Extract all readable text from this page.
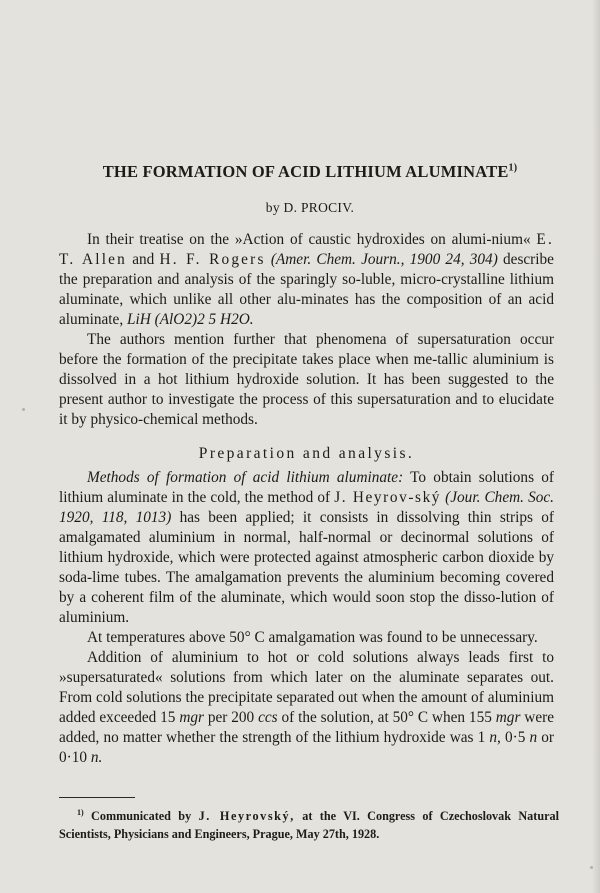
THE FORMATION OF ACID LITHIUM ALUMINATE$^{1)}$
by D. PROCIV.

In their treatise on the »Action of caustic hydroxides on alumi-nium« E. T. Allen and H. F. Rogers (Amer. Chem. Journ., 1900 24, 304) describe the preparation and analysis of the sparingly so-luble, micro-crystalline lithium aluminate, which unlike all other alu-minates has the composition of an acid aluminate, LiH (AlO2)2 5 H2O.

The authors mention further that phenomena of supersaturation occur before the formation of the precipitate takes place when me-tallic aluminium is dissolved in a hot lithium hydroxide solution. It has been suggested to the present author to investigate the process of this supersaturation and to elucidate it by physico-chemical methods.

Preparation and analysis.

Methods of formation of acid lithium aluminate: To obtain solutions of lithium aluminate in the cold, the method of J. Heyrov-ský (Jour. Chem. Soc. 1920, 118, 1013) has been applied; it consists in dissolving thin strips of amalgamated aluminium in normal, half-normal or decinormal solutions of lithium hydroxide, which were protected against atmospheric carbon dioxide by soda-lime tubes. The amalgamation prevents the aluminium becoming covered by a coherent film of the aluminate, which would soon stop the disso-lution of aluminium.

At temperatures above 50° C amalgamation was found to be unnecessary.

Addition of aluminium to hot or cold solutions always leads first to »supersaturated« solutions from which later on the aluminate separates out. From cold solutions the precipitate separated out when the amount of aluminium added exceeded 15 mgr per 200 ccs of the solution, at 50° C when 155 mgr were added, no matter whether the strength of the lithium hydroxide was 1 n, 0·5 n or 0·10 n.

$^{1)}$ Communicated by J. Heyrovský, at the VI. Congress of Czechoslovak Natural Scientists, Physicians and Engineers, Prague, May 27th, 1928.
